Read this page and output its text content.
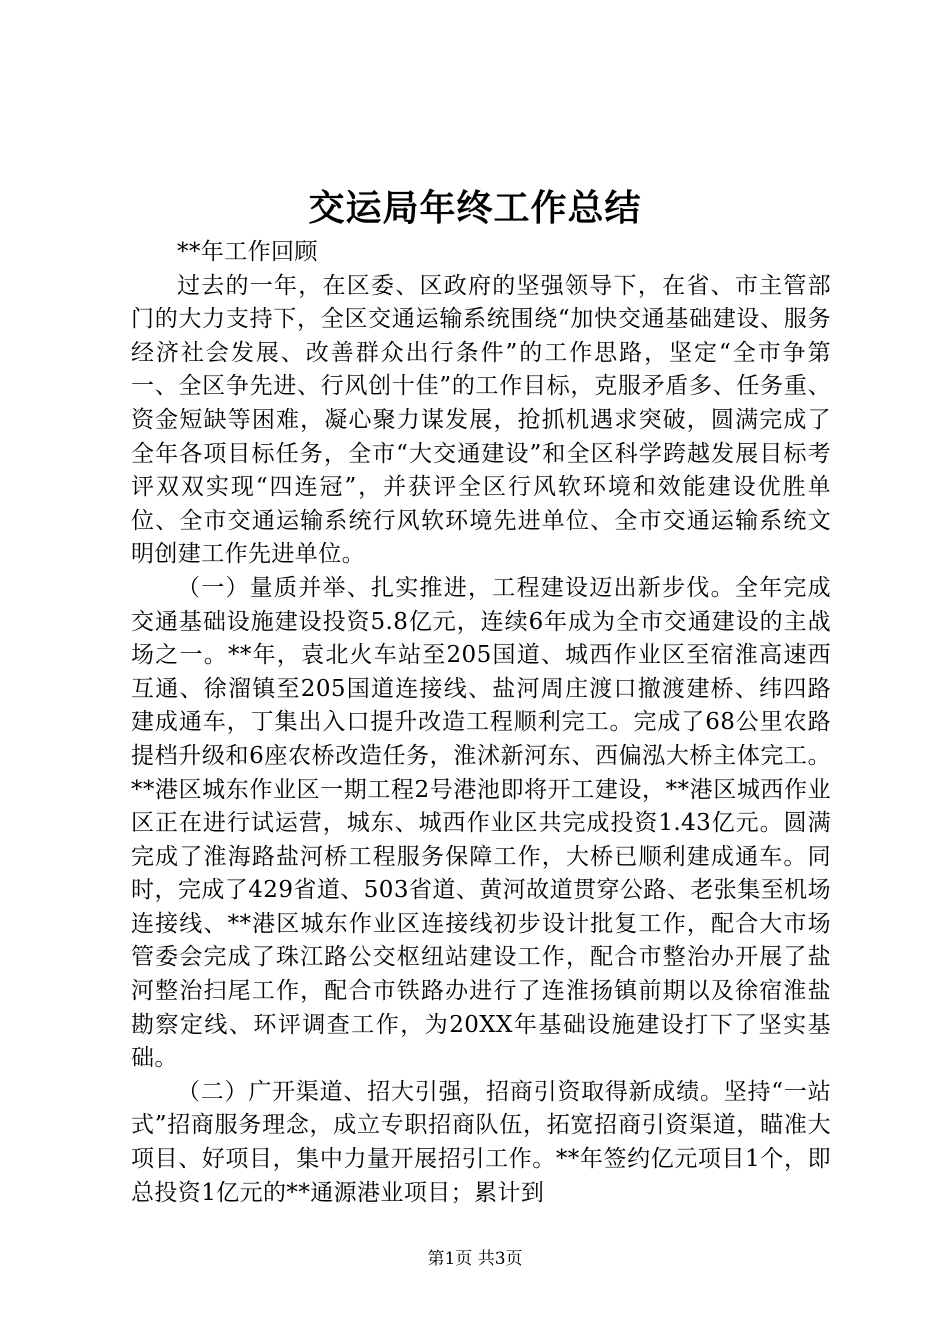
交运局年终工作总结

**年工作回顾

过去的一年，在区委、区政府的坚强领导下，在省、市主管部门的大力支持下，全区交通运输系统围绕“加快交通基础建设、服务经济社会发展、改善群众出行条件”的工作思路，坚定“全市争第一、全区争先进、行风创十佳”的工作目标，克服矛盾多、任务重、资金短缺等困难，凝心聚力谋发展，抢抓机遇求突破，圆满完成了全年各项目标任务，全市“大交通建设”和全区科学跨越发展目标考评双双实现“四连冠”，并获评全区行风软环境和效能建设优胜单位、全市交通运输系统行风软环境先进单位、全市交通运输系统文明创建工作先进单位。

（一）量质并举、扎实推进，工程建设迈出新步伐。全年完成交通基础设施建设投资5.8亿元，连续6年成为全市交通建设的主战场之一。**年，袁北火车站至205国道、城西作业区至宿淮高速西互通、徐溜镇至205国道连接线、盐河周庄渡口撤渡建桥、纬四路建成通车，丁集出入口提升改造工程顺利完工。完成了68公里农路提档升级和6座农桥改造任务，淮沭新河东、西偏泓大桥主体完工。**港区城东作业区一期工程2号港池即将开工建设，**港区城西作业区正在进行试运营，城东、城西作业区共完成投资1.43亿元。圆满完成了淮海路盐河桥工程服务保障工作，大桥已顺利建成通车。同时，完成了429省道、503省道、黄河故道贯穿公路、老张集至机场连接线、**港区城东作业区连接线初步设计批复工作，配合大市场管委会完成了珠江路公交枢纽站建设工作，配合市整治办开展了盐河整治扫尾工作，配合市铁路办进行了连淮扬镇前期以及徐宿淮盐勘察定线、环评调查工作，为20XX年基础设施建设打下了坚实基础。

（二）广开渠道、招大引强，招商引资取得新成绩。坚持“一站式”招商服务理念，成立专职招商队伍，拓宽招商引资渠道，瞄准大项目、好项目，集中力量开展招引工作。**年签约亿元项目1个，即总投资1亿元的**通源港业项目；累计到

第1页 共3页
